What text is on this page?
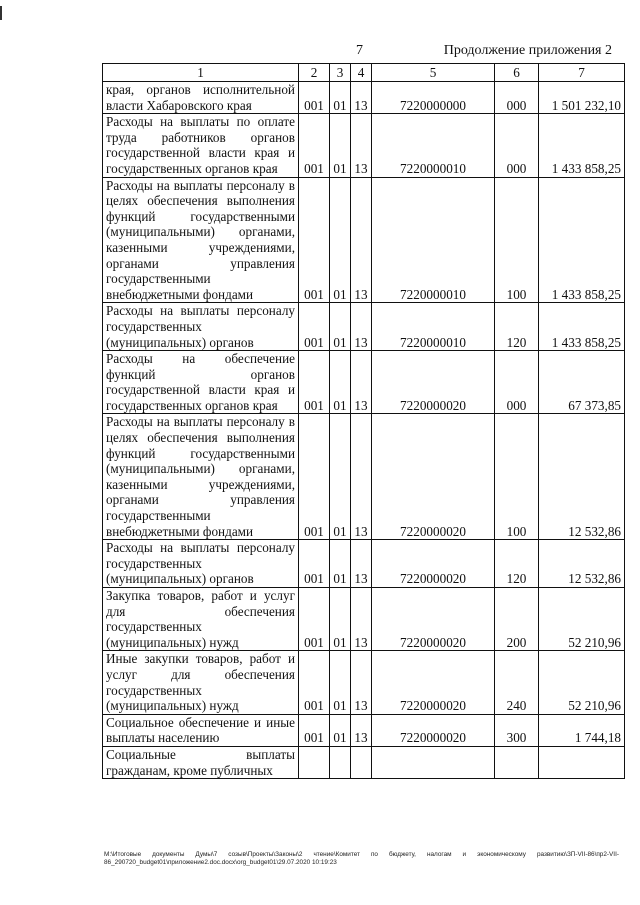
7	Продолжение приложения 2
1	2	3	4	5	6	7
края, органов исполнительной власти Хабаровского края	001	01	13	7220000000	000	1 501 232,10
Расходы на выплаты по оплате труда работников органов государственной власти края и государственных органов края	001	01	13	7220000010	000	1 433 858,25
Расходы на выплаты персоналу в целях обеспечения выполнения функций государственными (муниципальными) органами, казенными учреждениями, органами управления государственными внебюджетными фондами	001	01	13	7220000010	100	1 433 858,25
Расходы на выплаты персоналу государственных (муниципальных) органов	001	01	13	7220000010	120	1 433 858,25
Расходы на обеспечение функций органов государственной власти края и государственных органов края	001	01	13	7220000020	000	67 373,85
Расходы на выплаты персоналу в целях обеспечения выполнения функций государственными (муниципальными) органами, казенными учреждениями, органами управления государственными внебюджетными фондами	001	01	13	7220000020	100	12 532,86
Расходы на выплаты персоналу государственных (муниципальных) органов	001	01	13	7220000020	120	12 532,86
Закупка товаров, работ и услуг для обеспечения государственных (муниципальных) нужд	001	01	13	7220000020	200	52 210,96
Иные закупки товаров, работ и услуг для обеспечения государственных (муниципальных) нужд	001	01	13	7220000020	240	52 210,96
Социальное обеспечение и иные выплаты населению	001	01	13	7220000020	300	1 744,18
Социальные выплаты гражданам, кроме публичных						
М:\Итоговые документы Думы\7 созыв\Проекты\Законы\2 чтение\Комитет по бюджету, налогам и экономическому развитию\ЗП-VII-86\пр2-VII-86_290720_budget01\приложение2.doc.docx\org_budget01\29.07.2020 10:19:23
